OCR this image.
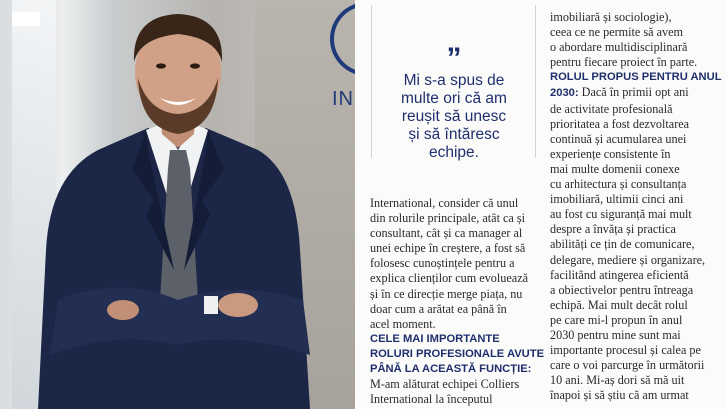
IN
”

Mi s-a spus de
multe ori că am
reușit să unesc
și să întăresc
echipe.

International, consider că unul
din rolurile principale, atât ca și
consultant, cât și ca manager al
unei echipe în creștere, a fost să
folosesc cunoștințele pentru a
explica clienților cum evoluează
și în ce direcție merge piața, nu
doar cum a arătat ea până în
acel moment.
CELE MAI IMPORTANTE
ROLURI PROFESIONALE AVUTE
PÂNĂ LA ACEASTĂ FUNCȚIE:
M-am alăturat echipei Colliers
International la începutul
imobiliară și sociologie),
ceea ce ne permite să avem
o abordare multidisciplinară
pentru fiecare proiect în parte.
ROLUL PROPUS PENTRU ANUL
2030: Dacă în primii opt ani
de activitate profesională
prioritatea a fost dezvoltarea
continuă și acumularea unei
experiențe consistente în
mai multe domenii conexe
cu arhitectura și consultanța
imobiliară, ultimii cinci ani
au fost cu siguranță mai mult
despre a învăța și practica
abilități ce țin de comunicare,
delegare, mediere și organizare,
facilitând atingerea eficientă
a obiectivelor pentru întreaga
echipă. Mai mult decât rolul
pe care mi-l propun în anul
2030 pentru mine sunt mai
importante procesul și calea pe
care o voi parcurge în următorii
10 ani. Mi-aș dori să mă uit
înapoi și să știu că am urmat
